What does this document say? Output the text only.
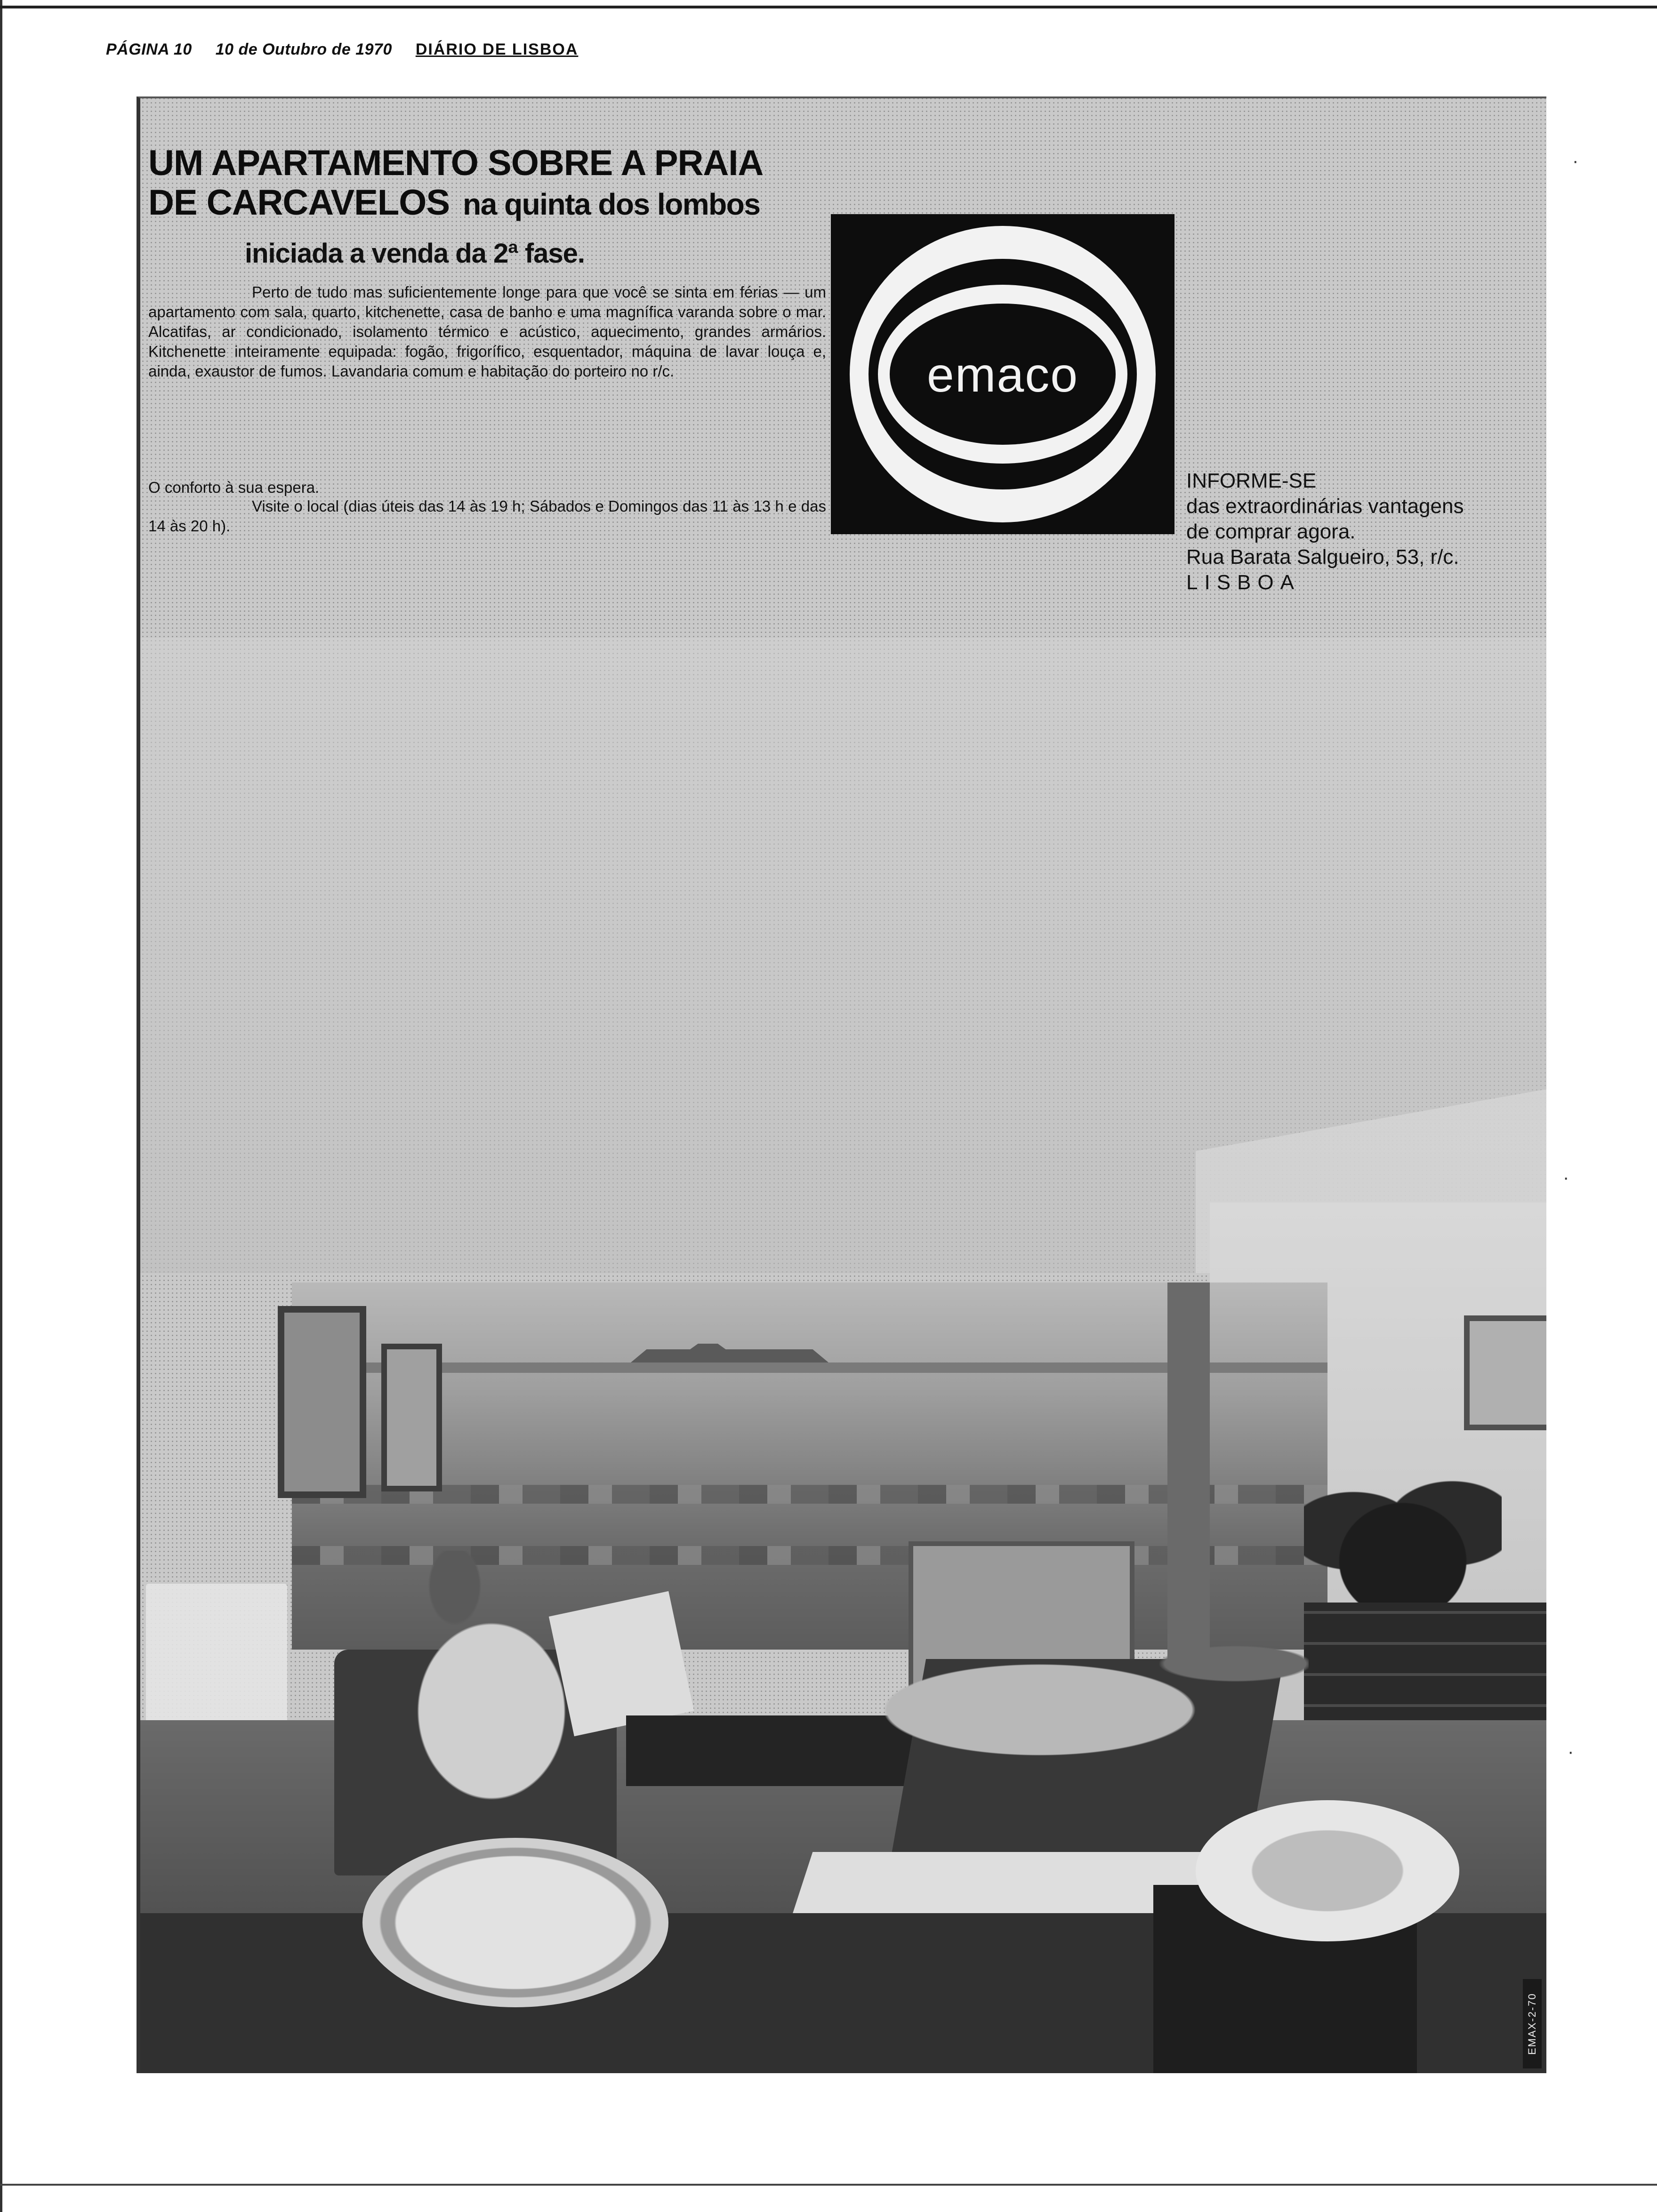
PÁGINA 10 10 de Outubro de 1970 DIÁRIO DE LISBOA
EMAX-2-70
UM APARTAMENTO SOBRE A PRAIA
DE CARCAVELOS na quinta dos lombos
iniciada a venda da 2ª fase.
Perto de tudo mas suficientemente longe para que você se sinta em férias — um apartamento com sala, quarto, kitchenette, casa de banho e uma magnífica varanda sobre o mar. Alcatifas, ar condicionado, isolamento térmico e acústico, aquecimento, grandes armários. Kitchenette inteiramente equipada: fogão, frigorífico, esquentador, máquina de lavar louça e, ainda, exaustor de fumos. Lavandaria comum e habitação do porteiro no r/c.
O conforto à sua espera.
Visite o local (dias úteis das 14 às 19 h; Sábados e Domingos das 11 às 13 h e das 14 às 20 h).
emaco
INFORME-SE
das extraordinárias vantagens
de comprar agora.
Rua Barata Salgueiro, 53, r/c.
LISBOA
·
·
·
